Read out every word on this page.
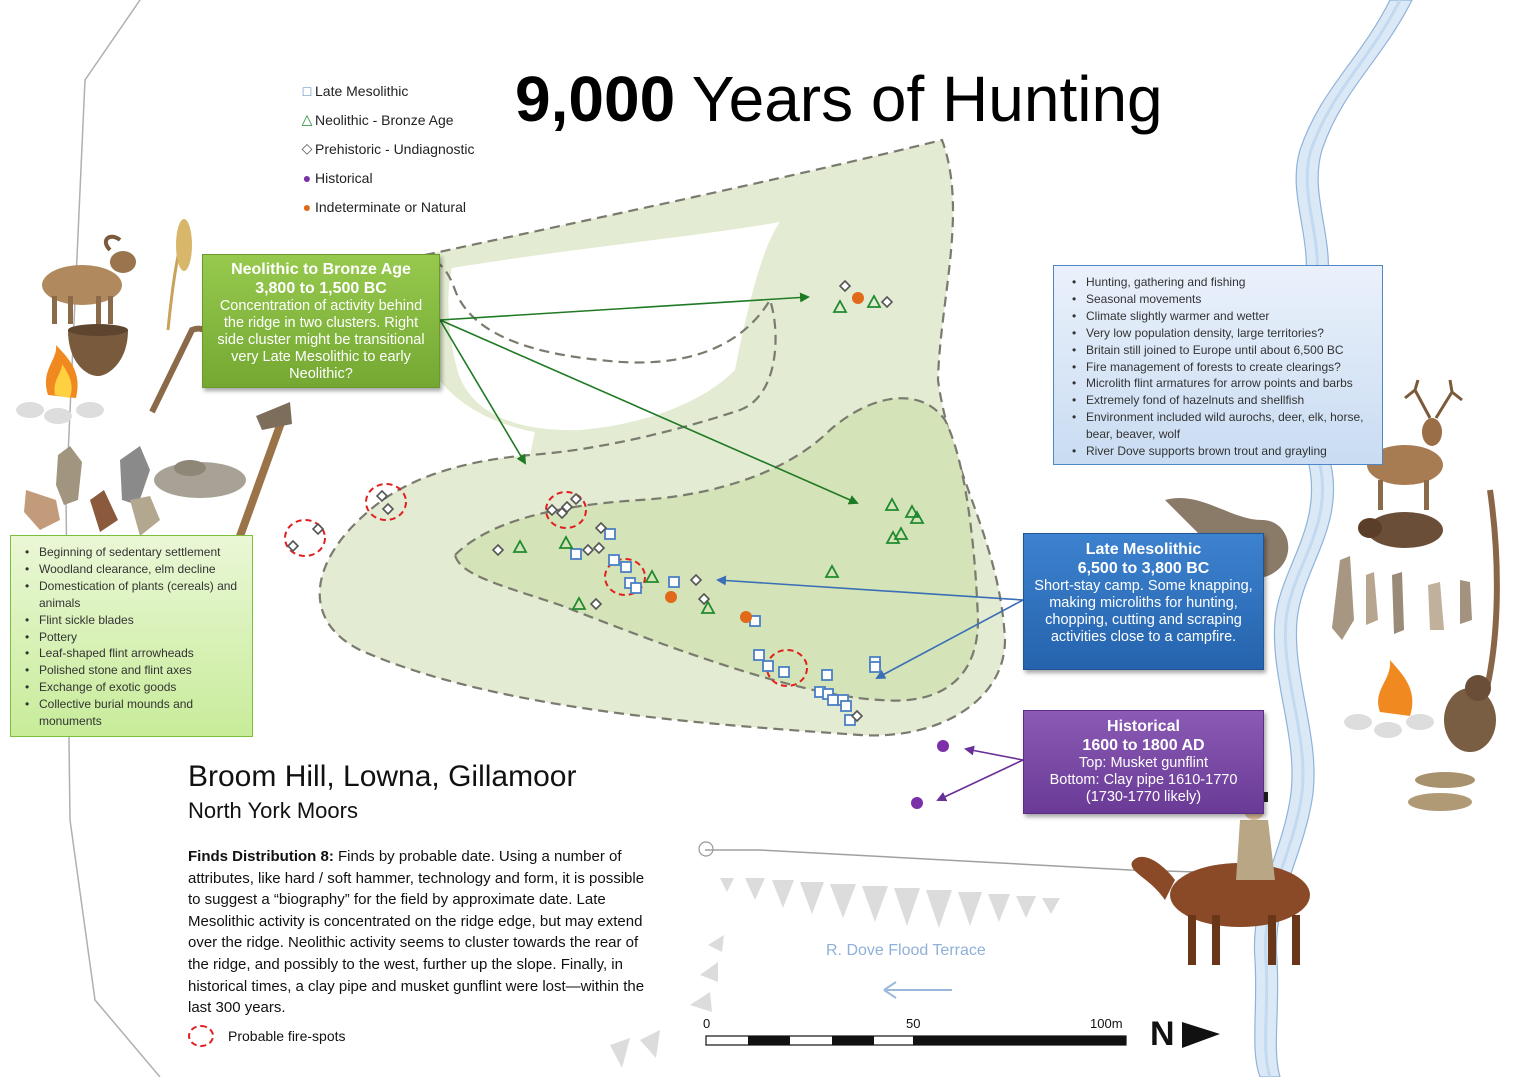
9,000 Years of Hunting
□ Late Mesolithic
△ Neolithic - Bronze Age
◇ Prehistoric - Undiagnostic
● Historical
● Indeterminate or Natural
Neolithic to Bronze Age
3,800 to 1,500 BC
Concentration of activity behind the ridge in two clusters. Right side cluster might be transitional very Late Mesolithic to early Neolithic?
Late Mesolithic
6,500 to 3,800 BC
Short-stay camp. Some knapping, making microliths for hunting, chopping, cutting and scraping activities close to a campfire.
Historical
1600 to 1800 AD
Top: Musket gunflint
Bottom: Clay pipe 1610-1770
(1730-1770 likely)
• Hunting, gathering and fishing
• Seasonal movements
• Climate slightly warmer and wetter
• Very low population density, large territories?
• Britain still joined to Europe until about 6,500 BC
• Fire management of forests to create clearings?
• Microlith flint armatures for arrow points and barbs
• Extremely fond of hazelnuts and shellfish
• Environment included wild aurochs, deer, elk, horse, bear, beaver, wolf
• River Dove supports brown trout and grayling
• Beginning of sedentary settlement
• Woodland clearance, elm decline
• Domestication of plants (cereals) and animals
• Flint sickle blades
• Pottery
• Leaf-shaped flint arrowheads
• Polished stone and flint axes
• Exchange of exotic goods
• Collective burial mounds and monuments
Broom Hill, Lowna, Gillamoor
North York Moors
Finds Distribution 8: Finds by probable date. Using a number of attributes, like hard / soft hammer, technology and form, it is possible to suggest a “biography” for the field by approximate date. Late Mesolithic activity is concentrated on the ridge edge, but may extend over the ridge. Neolithic activity seems to cluster towards the rear of the ridge, and possibly to the west, further up the slope. Finally, in historical times, a clay pipe and musket gunflint were lost—within the last 300 years.
Probable fire-spots
R. Dove Flood Terrace
0	50	100m N
